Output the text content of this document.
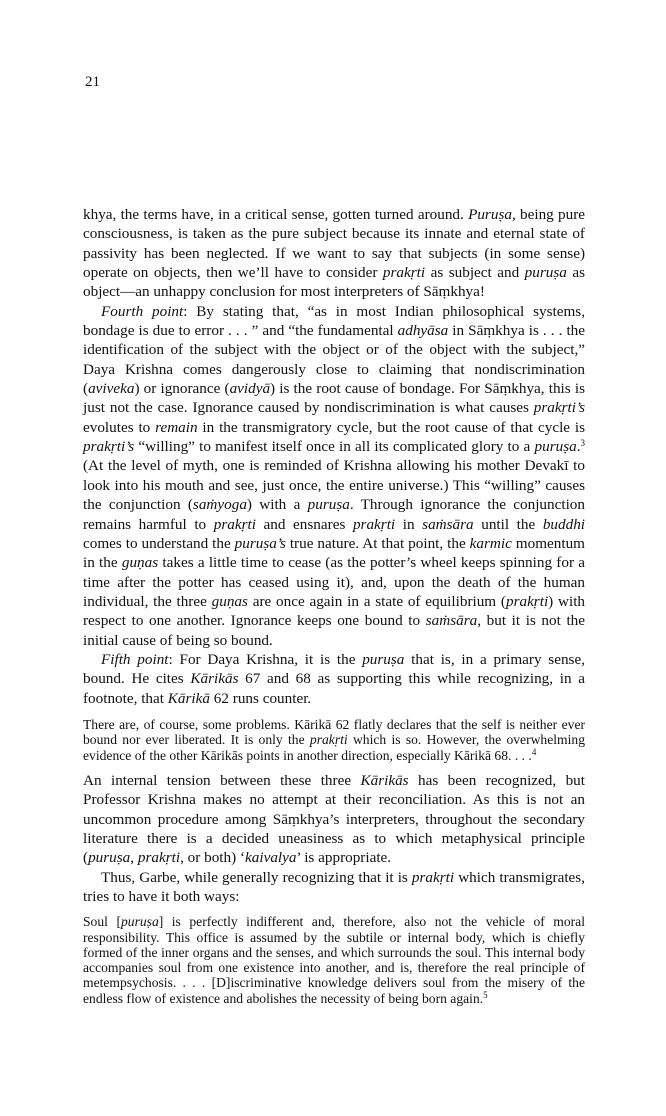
21

khya, the terms have, in a critical sense, gotten turned around. Puruṣa, being pure consciousness, is taken as the pure subject because its innate and eternal state of passivity has been neglected. If we want to say that subjects (in some sense) operate on objects, then we’ll have to consider prakṛti as subject and puruṣa as object—an unhappy conclusion for most interpreters of Sāṃkhya!

Fourth point: By stating that, “as in most Indian philosophical systems, bondage is due to error . . . ” and “the fundamental adhyāsa in Sāṃkhya is . . . the identification of the subject with the object or of the object with the subject,” Daya Krishna comes dangerously close to claiming that nondiscrimination (aviveka) or ignorance (avidyā) is the root cause of bondage. For Sāṃkhya, this is just not the case. Ignorance caused by nondiscrimination is what causes prakṛti’s evolutes to remain in the transmigratory cycle, but the root cause of that cycle is prakṛti’s “willing” to manifest itself once in all its complicated glory to a puruṣa.$^3$ (At the level of myth, one is reminded of Krishna allowing his mother Devakī to look into his mouth and see, just once, the entire universe.) This “willing” causes the conjunction (saṁyoga) with a puruṣa. Through ignorance the conjunction remains harmful to prakṛti and ensnares prakṛti in saṁsāra until the buddhi comes to understand the puruṣa’s true nature. At that point, the karmic momentum in the guṇas takes a little time to cease (as the potter’s wheel keeps spinning for a time after the potter has ceased using it), and, upon the death of the human individual, the three guṇas are once again in a state of equilibrium (prakṛti) with respect to one another. Ignorance keeps one bound to saṁsāra, but it is not the initial cause of being so bound.

Fifth point: For Daya Krishna, it is the puruṣa that is, in a primary sense, bound. He cites Kārikās 67 and 68 as supporting this while recognizing, in a footnote, that Kārikā 62 runs counter.

There are, of course, some problems. Kārikā 62 flatly declares that the self is neither ever bound nor ever liberated. It is only the prakṛti which is so. However, the overwhelming evidence of the other Kārikās points in another direction, especially Kārikā 68. . . .$^4$

An internal tension between these three Kārikās has been recognized, but Professor Krishna makes no attempt at their reconciliation. As this is not an uncommon procedure among Sāṃkhya’s interpreters, throughout the secondary literature there is a decided uneasiness as to which metaphysical principle (puruṣa, prakṛti, or both) ‘kaivalya’ is appropriate.

Thus, Garbe, while generally recognizing that it is prakṛti which transmigrates, tries to have it both ways:

Soul [puruṣa] is perfectly indifferent and, therefore, also not the vehicle of moral responsibility. This office is assumed by the subtile or internal body, which is chiefly formed of the inner organs and the senses, and which surrounds the soul. This internal body accompanies soul from one existence into another, and is, therefore the real principle of metempsychosis. . . . [D]iscriminative knowledge delivers soul from the misery of the endless flow of existence and abolishes the necessity of being born again.$^5$
